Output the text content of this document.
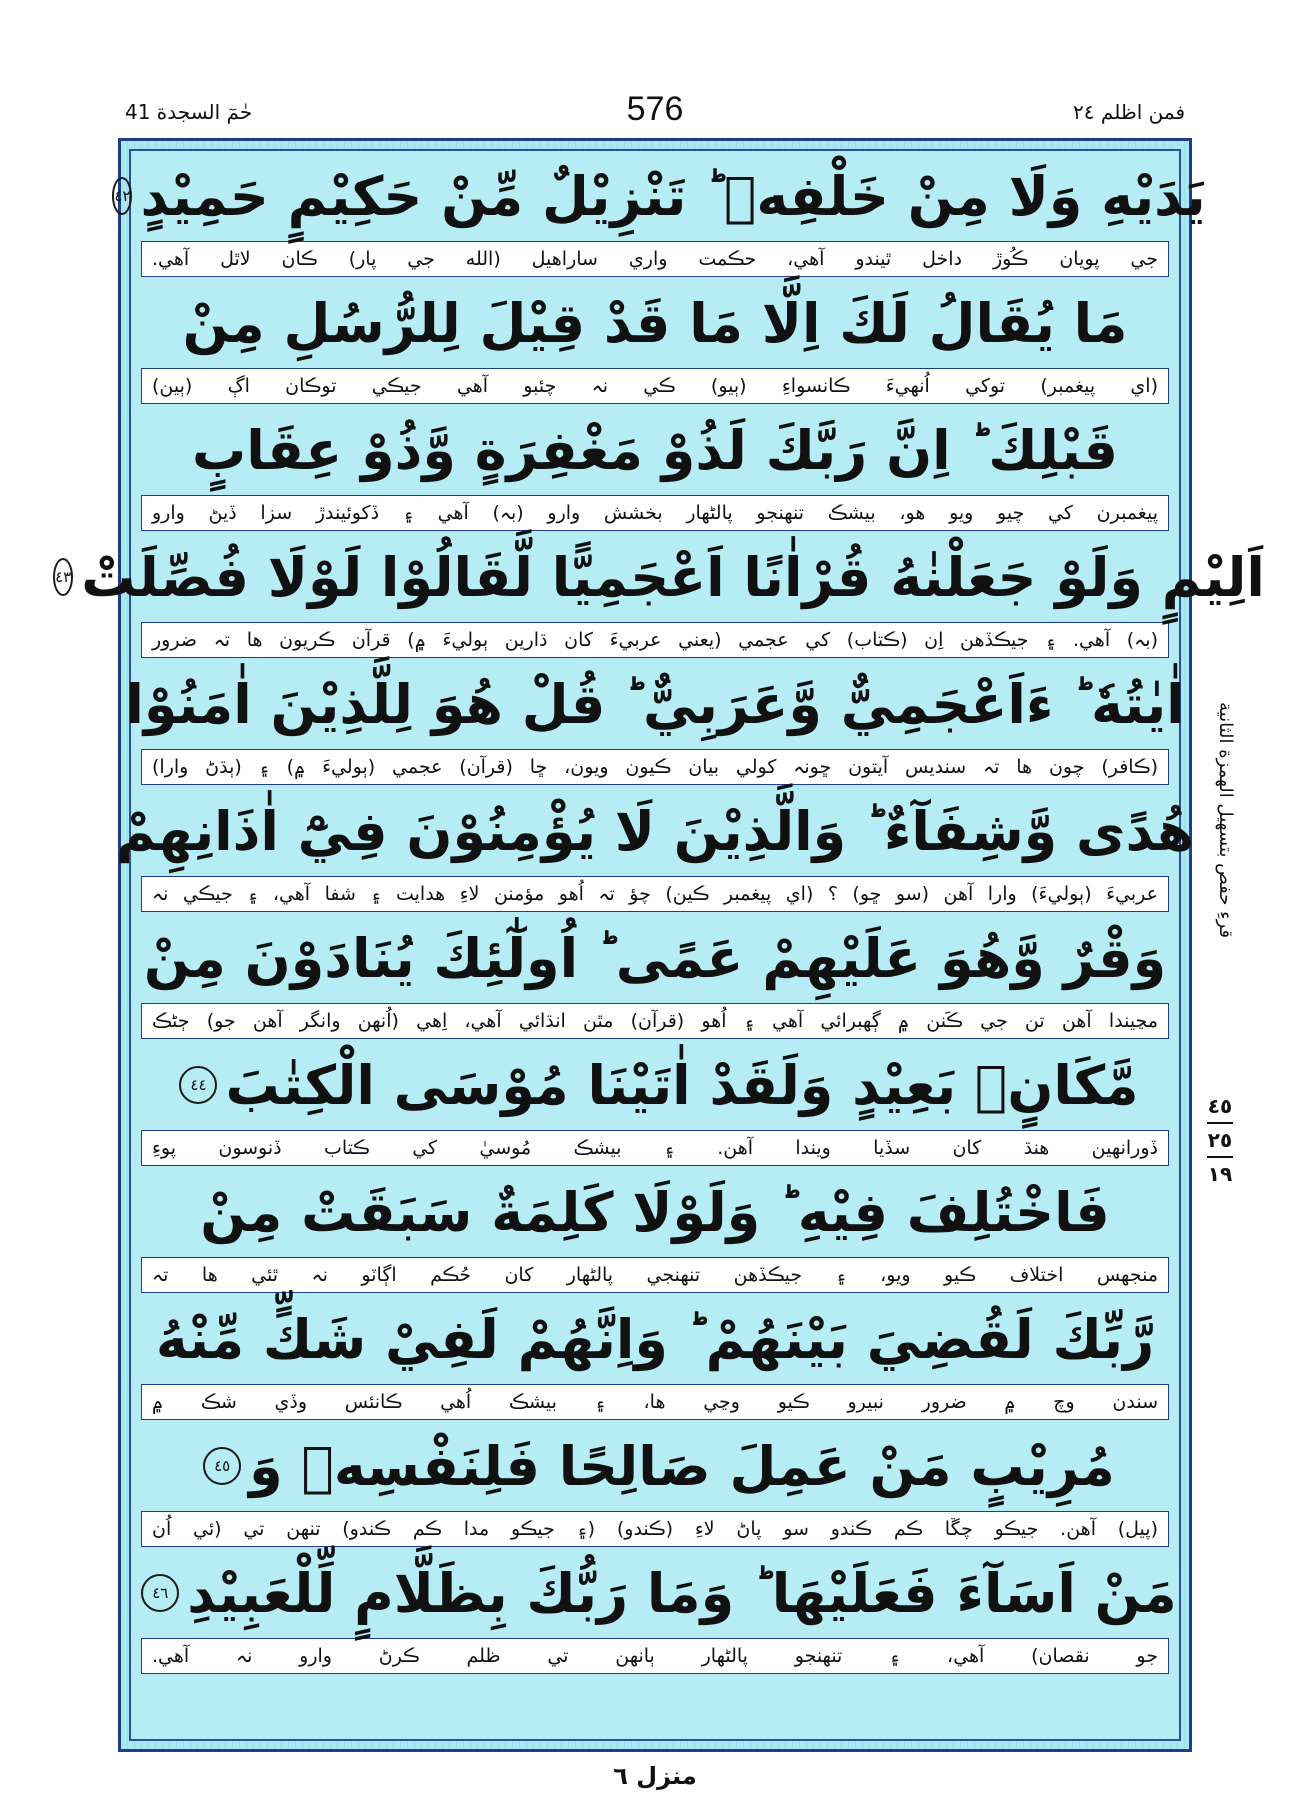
حٰمٓ السجدة 41	576	فمن اظلم ٢٤
يَدَيْهِ وَلَا مِنْ خَلْفِهٖ ؕ تَنْزِيْلٌ مِّنْ حَكِيْمٍ حَمِيْدٍ
٤٢
جي پويان ڪُوڙ داخل ٿيندو آهي، حڪمت واري ساراهيل (الله جي پار) ڪان لاٿل آهي.
مَا يُقَالُ لَكَ اِلَّا مَا قَدْ قِيْلَ لِلرُّسُلِ مِنْ
(اي پيغمبر) توکي اُنهيءَ ڪانسواءِ (ٻيو) ڪي نہ چئبو آهي جيڪي توڪان اڳ (ٻين)
قَبْلِكَ ؕ اِنَّ رَبَّكَ لَذُوْ مَغْفِرَةٍ وَّذُوْ عِقَابٍ
پيغمبرن کي چيو ويو هو، بيشڪ تنهنجو پالڻهار بخشش وارو (بہ) آهي ۽ ڏکوئيندڙ سزا ڏيڻ وارو
اَلِيْمٍ وَلَوْ جَعَلْنٰهُ قُرْاٰنًا اَعْجَمِيًّا لَّقَالُوْا لَوْلَا فُصِّلَتْ
٤٣
(بہ) آهي. ۽ جيڪڏهن اِن (ڪتاب) کي عجمي (يعني عربيءَ کان ڌارين ٻوليءَ ۾) قرآن ڪريون ها تہ ضرور
اٰيٰتُهٗ ؕ ءَاَعْجَمِيٌّ وَّعَرَبِيٌّ ؕ قُلْ هُوَ لِلَّذِيْنَ اٰمَنُوْا
(ڪافر) چون ها تہ سنديس آيتون ڇونہ کولي بيان ڪيون ويون، ڇا (قرآن) عجمي (ٻوليءَ ۾) ۽ (ٻڌڻ وارا)
هُدًى وَّشِفَآءٌ ؕ وَالَّذِيْنَ لَا يُؤْمِنُوْنَ فِيْٓ اٰذَانِهِمْ
عربيءَ (ٻوليءَ) وارا آهن (سو ڇو) ؟ (اي پيغمبر ڪين) چؤ تہ اُهو مؤمنن لاءِ هدايت ۽ شفا آهي، ۽ جيڪي نہ
وَقْرٌ وَّهُوَ عَلَيْهِمْ عَمًى ؕ اُولٰٓئِكَ يُنَادَوْنَ مِنْ
مڃيندا آهن تن جي ڪَنن ۾ ڳهبرائي آهي ۽ اُهو (قرآن) مٿن انڌائي آهي، اِهي (اُنهن وانگر آهن جو) ڄڻڪ
مَّكَانٍۭ بَعِيْدٍ وَلَقَدْ اٰتَيْنَا مُوْسَى الْكِتٰبَ
٤٤
ڏورانهين هنڌ کان سڏيا ويندا آهن. ۽ بيشڪ مُوسيٰ کي ڪتاب ڏنوسون پوءِ
فَاخْتُلِفَ فِيْهِ ؕ وَلَوْلَا كَلِمَةٌ سَبَقَتْ مِنْ
منجهس اختلاف ڪيو ويو، ۽ جيڪڏهن تنهنجي پالڻهار کان حُڪم اڳاٽو نہ ٿئي ها تہ
رَّبِّكَ لَقُضِيَ بَيْنَهُمْ ؕ وَاِنَّهُمْ لَفِيْ شَكٍّ مِّنْهُ
سندن وچ ۾ ضرور نبيرو ڪيو وڃي ها، ۽ بيشڪ اُهي ڪانئس وڏي شڪ ۾
مُرِيْبٍ مَنْ عَمِلَ صَالِحًا فَلِنَفْسِهٖ وَ
٤٥
(پيل) آهن. جيڪو چڱا ڪم ڪندو سو پاڻ لاءِ (ڪندو) (۽ جيڪو مدا ڪم ڪندو) تنهن تي (ئي اُن
مَنْ اَسَآءَ فَعَلَيْهَا ؕ وَمَا رَبُّكَ بِظَلَّامٍ لِّلْعَبِيْدِ
٤٦
جو نقصان) آهي، ۽ تنهنجو پالڻهار ٻانهن تي ظلم ڪرڻ وارو نہ آهي.
قرءِ حفص بتسهيل الهمزة الثانية
٤٥
٢٥
١٩
منزل ٦
